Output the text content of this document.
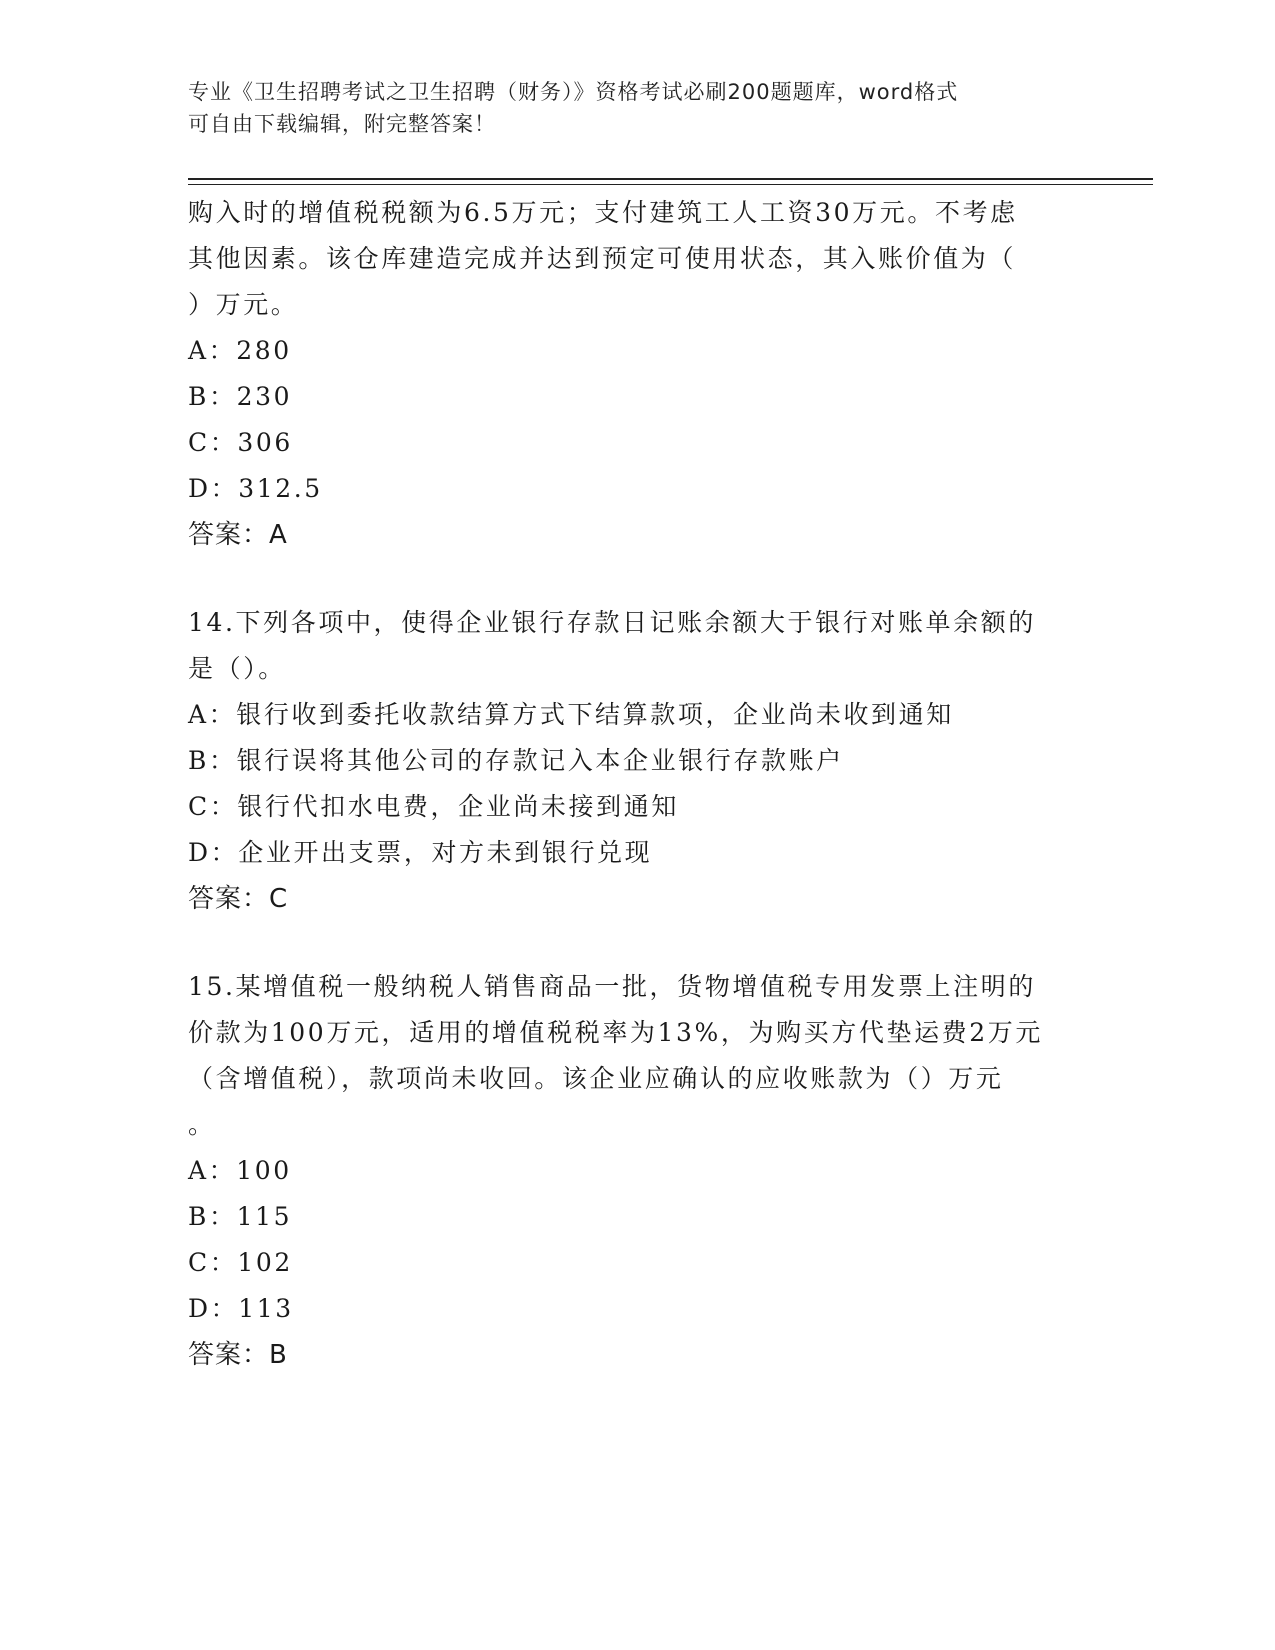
专业《卫生招聘考试之卫生招聘（财务）》资格考试必刷200题题库，word格式
可自由下载编辑，附完整答案！
购入时的增值税税额为6.5万元；支付建筑工人工资30万元。不考虑
其他因素。该仓库建造完成并达到预定可使用状态，其入账价值为（
）万元。
A：280
B：230
C：306
D：312.5
答案：A
14.下列各项中，使得企业银行存款日记账余额大于银行对账单余额的
是（）。
A：银行收到委托收款结算方式下结算款项，企业尚未收到通知
B：银行误将其他公司的存款记入本企业银行存款账户
C：银行代扣水电费，企业尚未接到通知
D：企业开出支票，对方未到银行兑现
答案：C
15.某增值税一般纳税人销售商品一批，货物增值税专用发票上注明的
价款为100万元，适用的增值税税率为13%，为购买方代垫运费2万元
（含增值税），款项尚未收回。该企业应确认的应收账款为（）万元
。
A：100
B：115
C：102
D：113
答案：B
